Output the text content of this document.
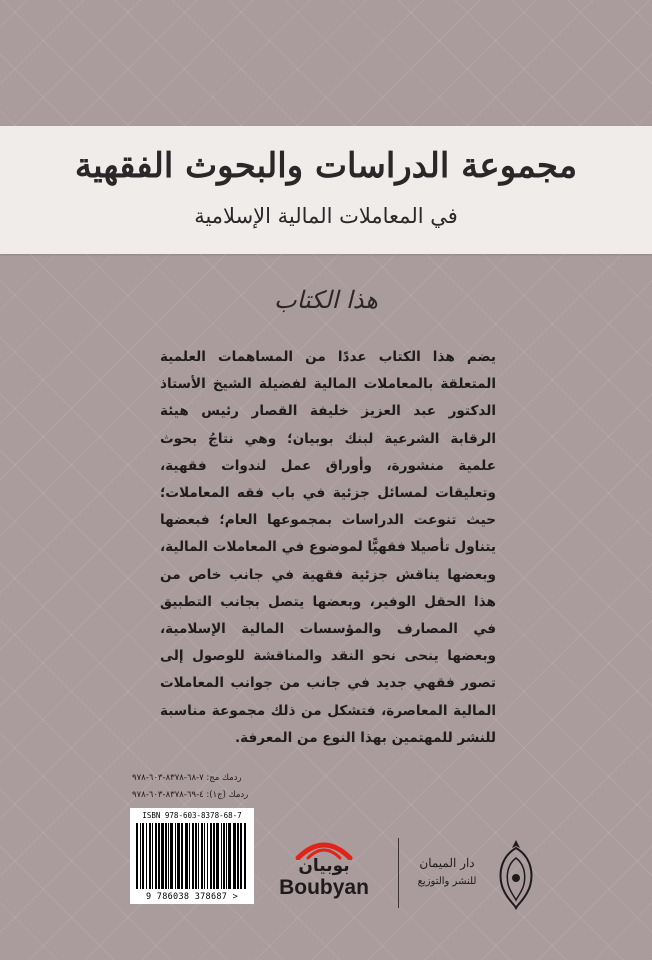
مجموعة الدراسات والبحوث الفقهية
في المعاملات المالية الإسلامية
هذا الكتاب
يضم هذا الكتاب عددًا من المساهمات العلمية المتعلقة بالمعاملات المالية لفضيلة الشيخ الأستاذ الدكتور عبد العزيز خليفة القصار رئيس هيئة الرقابة الشرعية لبنك بوبيان؛ وهي نتاجُ بحوث علمية منشورة، وأوراق عمل لندوات فقهية، وتعليقات لمسائل جزئية في باب فقه المعاملات؛ حيث تنوعت الدراسات بمجموعها العام؛ فبعضها يتناول تأصيلا فقهيًّا لموضوع في المعاملات المالية، وبعضها يناقش جزئية فقهية في جانب خاص من هذا الحقل الوفير، وبعضها يتصل بجانب التطبيق في المصارف والمؤسسات المالية الإسلامية، وبعضها ينحى نحو النقد والمناقشة للوصول إلى تصور فقهي جديد في جانب من جوانب المعاملات المالية المعاصرة، فتشكل من ذلك مجموعة مناسبة للنشر للمهتمين بهذا النوع من المعرفة.
ردمك مج: ٧-٦٨-٨٣٧٨-٦٠٣-٩٧٨
ردمك (ج١): ٤-٦٩-٨٣٧٨-٦٠٣-٩٧٨
ISBN 978-603-8378-68-7
9 786038 378687 >
بوبيان
Boubyan
دار الميمان
للنشر والتوزيع
